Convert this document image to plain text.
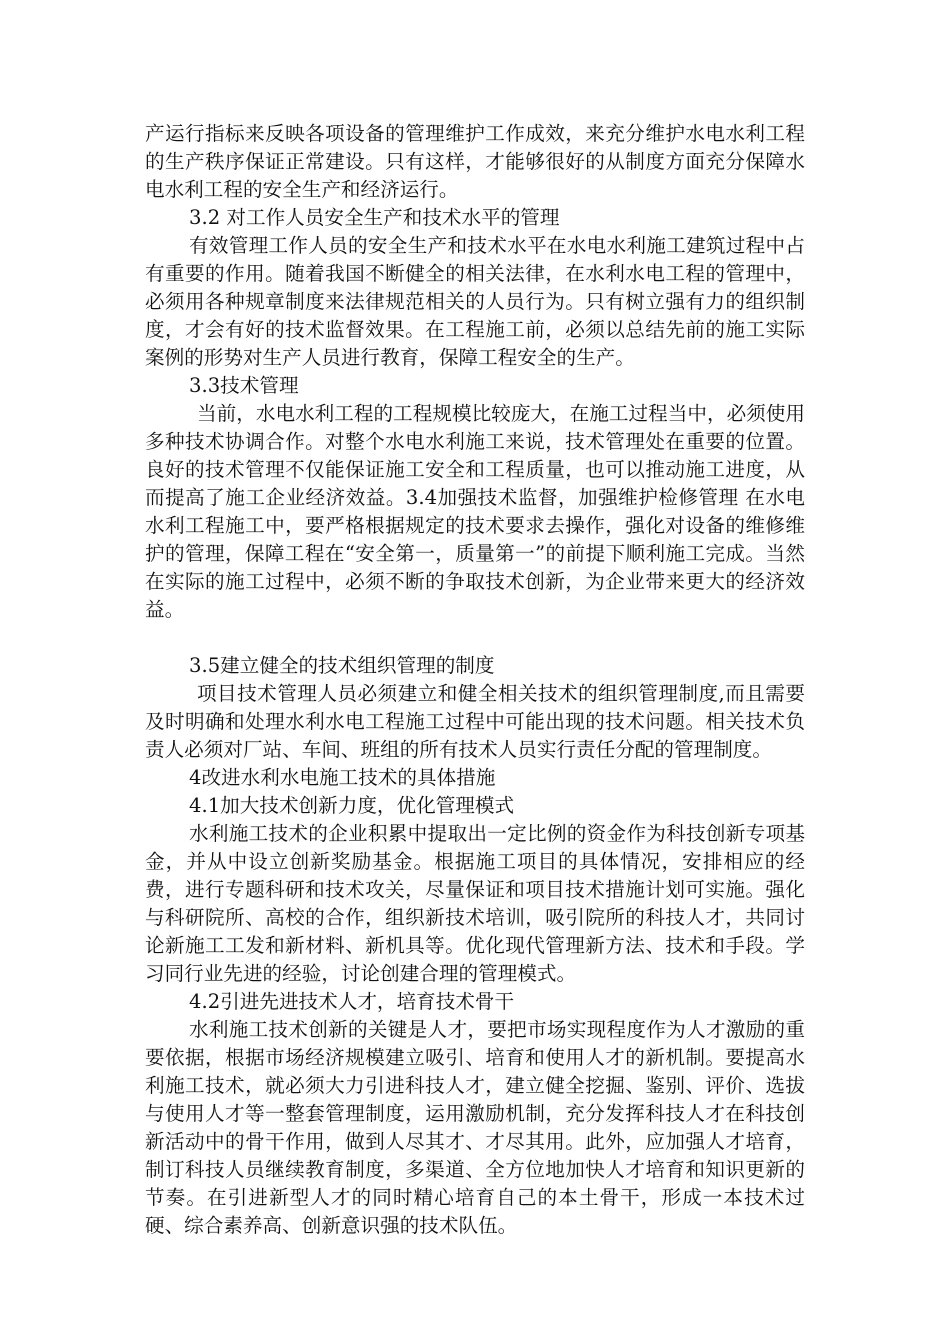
产运行指标来反映各项设备的管理维护工作成效，来充分维护水电水利工程的生产秩序保证正常建设。只有这样，才能够很好的从制度方面充分保障水电水利工程的安全生产和经济运行。

3.2 对工作人员安全生产和技术水平的管理

有效管理工作人员的安全生产和技术水平在水电水利施工建筑过程中占有重要的作用。随着我国不断健全的相关法律，在水利水电工程的管理中，必须用各种规章制度来法律规范相关的人员行为。只有树立强有力的组织制度，才会有好的技术监督效果。在工程施工前，必须以总结先前的施工实际案例的形势对生产人员进行教育，保障工程安全的生产。

3.3技术管理

当前，水电水利工程的工程规模比较庞大，在施工过程当中，必须使用多种技术协调合作。对整个水电水利施工来说，技术管理处在重要的位置。良好的技术管理不仅能保证施工安全和工程质量，也可以推动施工进度，从而提高了施工企业经济效益。3.4加强技术监督，加强维护检修管理 在水电水利工程施工中，要严格根据规定的技术要求去操作，强化对设备的维修维护的管理，保障工程在“安全第一，质量第一”的前提下顺利施工完成。当然在实际的施工过程中，必须不断的争取技术创新，为企业带来更大的经济效益。

3.5建立健全的技术组织管理的制度

项目技术管理人员必须建立和健全相关技术的组织管理制度,而且需要及时明确和处理水利水电工程施工过程中可能出现的技术问题。相关技术负责人必须对厂站、车间、班组的所有技术人员实行责任分配的管理制度。

4改进水利水电施工技术的具体措施

4.1加大技术创新力度，优化管理模式

水利施工技术的企业积累中提取出一定比例的资金作为科技创新专项基金，并从中设立创新奖励基金。根据施工项目的具体情况，安排相应的经费，进行专题科研和技术攻关，尽量保证和项目技术措施计划可实施。强化与科研院所、高校的合作，组织新技术培训，吸引院所的科技人才，共同讨论新施工工发和新材料、新机具等。优化现代管理新方法、技术和手段。学习同行业先进的经验，讨论创建合理的管理模式。

4.2引进先进技术人才，培育技术骨干

水利施工技术创新的关键是人才，要把市场实现程度作为人才激励的重要依据，根据市场经济规模建立吸引、培育和使用人才的新机制。要提高水利施工技术，就必须大力引进科技人才，建立健全挖掘、鉴别、评价、选拔与使用人才等一整套管理制度，运用激励机制，充分发挥科技人才在科技创新活动中的骨干作用，做到人尽其才、才尽其用。此外，应加强人才培育，制订科技人员继续教育制度，多渠道、全方位地加快人才培育和知识更新的节奏。在引进新型人才的同时精心培育自己的本土骨干，形成一本技术过硬、综合素养高、创新意识强的技术队伍。
